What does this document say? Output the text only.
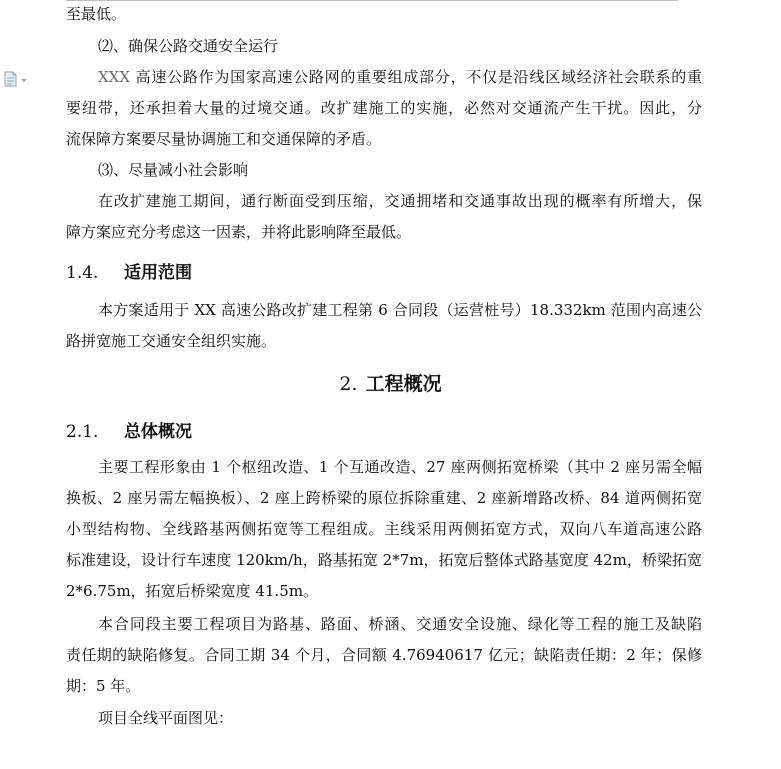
至最低。
⑵、确保公路交通安全运行
XXX 高速公路作为国家高速公路网的重要组成部分，不仅是沿线区域经济社会联系的重
要纽带，还承担着大量的过境交通。改扩建施工的实施，必然对交通流产生干扰。因此，分
流保障方案要尽量协调施工和交通保障的矛盾。
⑶、尽量减小社会影响
在改扩建施工期间，通行断面受到压缩，交通拥堵和交通事故出现的概率有所增大，保
障方案应充分考虑这一因素，并将此影响降至最低。
1.4. 适用范围
本方案适用于 XX 高速公路改扩建工程第 6 合同段（运营桩号）18.332km 范围内高速公
路拼宽施工交通安全组织实施。
2. 工程概况
2.1. 总体概况
主要工程形象由 1 个枢纽改造、1 个互通改造、27 座两侧拓宽桥梁（其中 2 座另需全幅
换板、2 座另需左幅换板）、2 座上跨桥梁的原位拆除重建、2 座新增路改桥、84 道两侧拓宽
小型结构物、全线路基两侧拓宽等工程组成。主线采用两侧拓宽方式，双向八车道高速公路
标准建设，设计行车速度 120km/h，路基拓宽 2*7m，拓宽后整体式路基宽度 42m，桥梁拓宽
2*6.75m，拓宽后桥梁宽度 41.5m。
本合同段主要工程项目为路基、路面、桥涵、交通安全设施、绿化等工程的施工及缺陷
责任期的缺陷修复。合同工期 34 个月，合同额 4.76940617 亿元；缺陷责任期：2 年；保修
期：5 年。
项目全线平面图见：
